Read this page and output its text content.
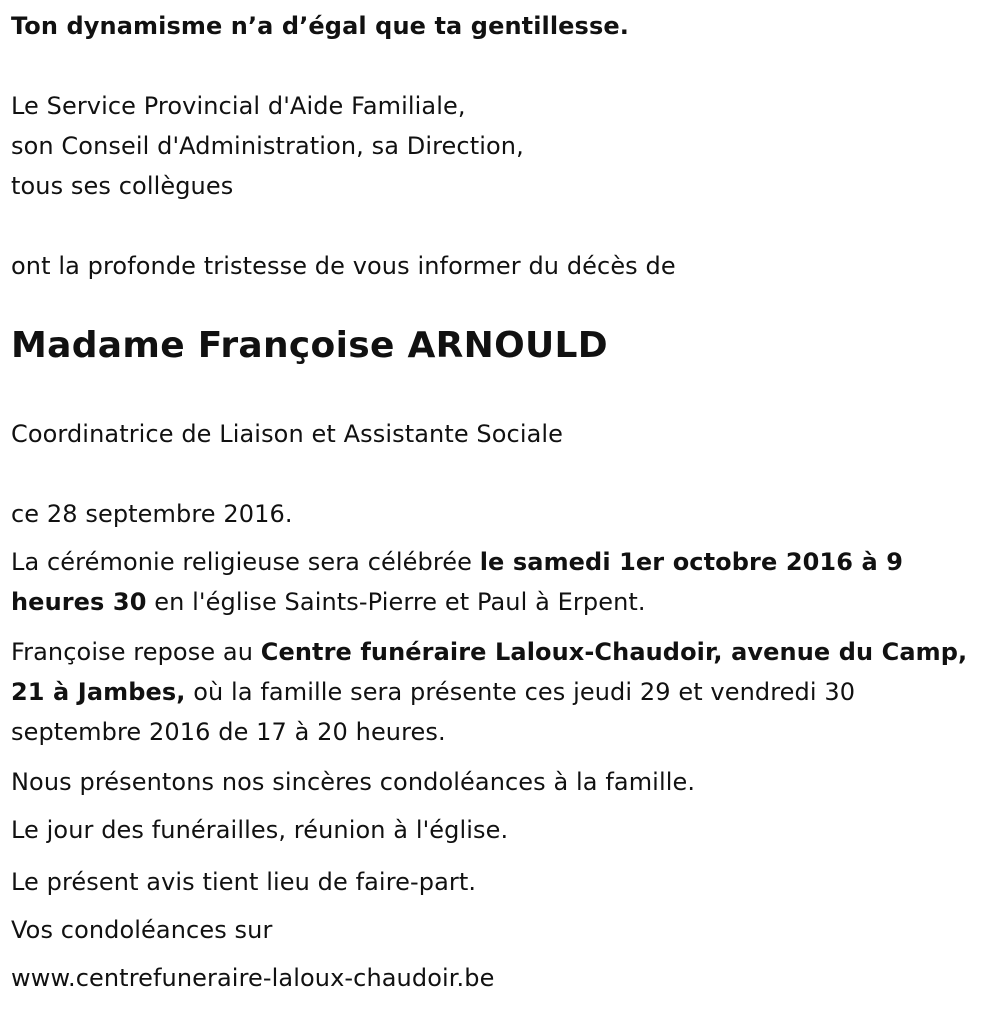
Ton dynamisme n’a d’égal que ta gentillesse.

Le Service Provincial d'Aide Familiale,

son Conseil d'Administration, sa Direction,

tous ses collègues

ont la profonde tristesse de vous informer du décès de

Madame Françoise ARNOULD

Coordinatrice de Liaison et Assistante Sociale

ce 28 septembre 2016.

La cérémonie religieuse sera célébrée le samedi 1er octobre 2016 à 9 heures 30 en l'église Saints-Pierre et Paul à Erpent.

Françoise repose au Centre funéraire Laloux-Chaudoir, avenue du Camp, 21 à Jambes, où la famille sera présente ces jeudi 29 et vendredi 30 septembre 2016 de 17 à 20 heures.

Nous présentons nos sincères condoléances à la famille.

Le jour des funérailles, réunion à l'église.

Le présent avis tient lieu de faire-part.

Vos condoléances sur

www.centrefuneraire-laloux-chaudoir.be
